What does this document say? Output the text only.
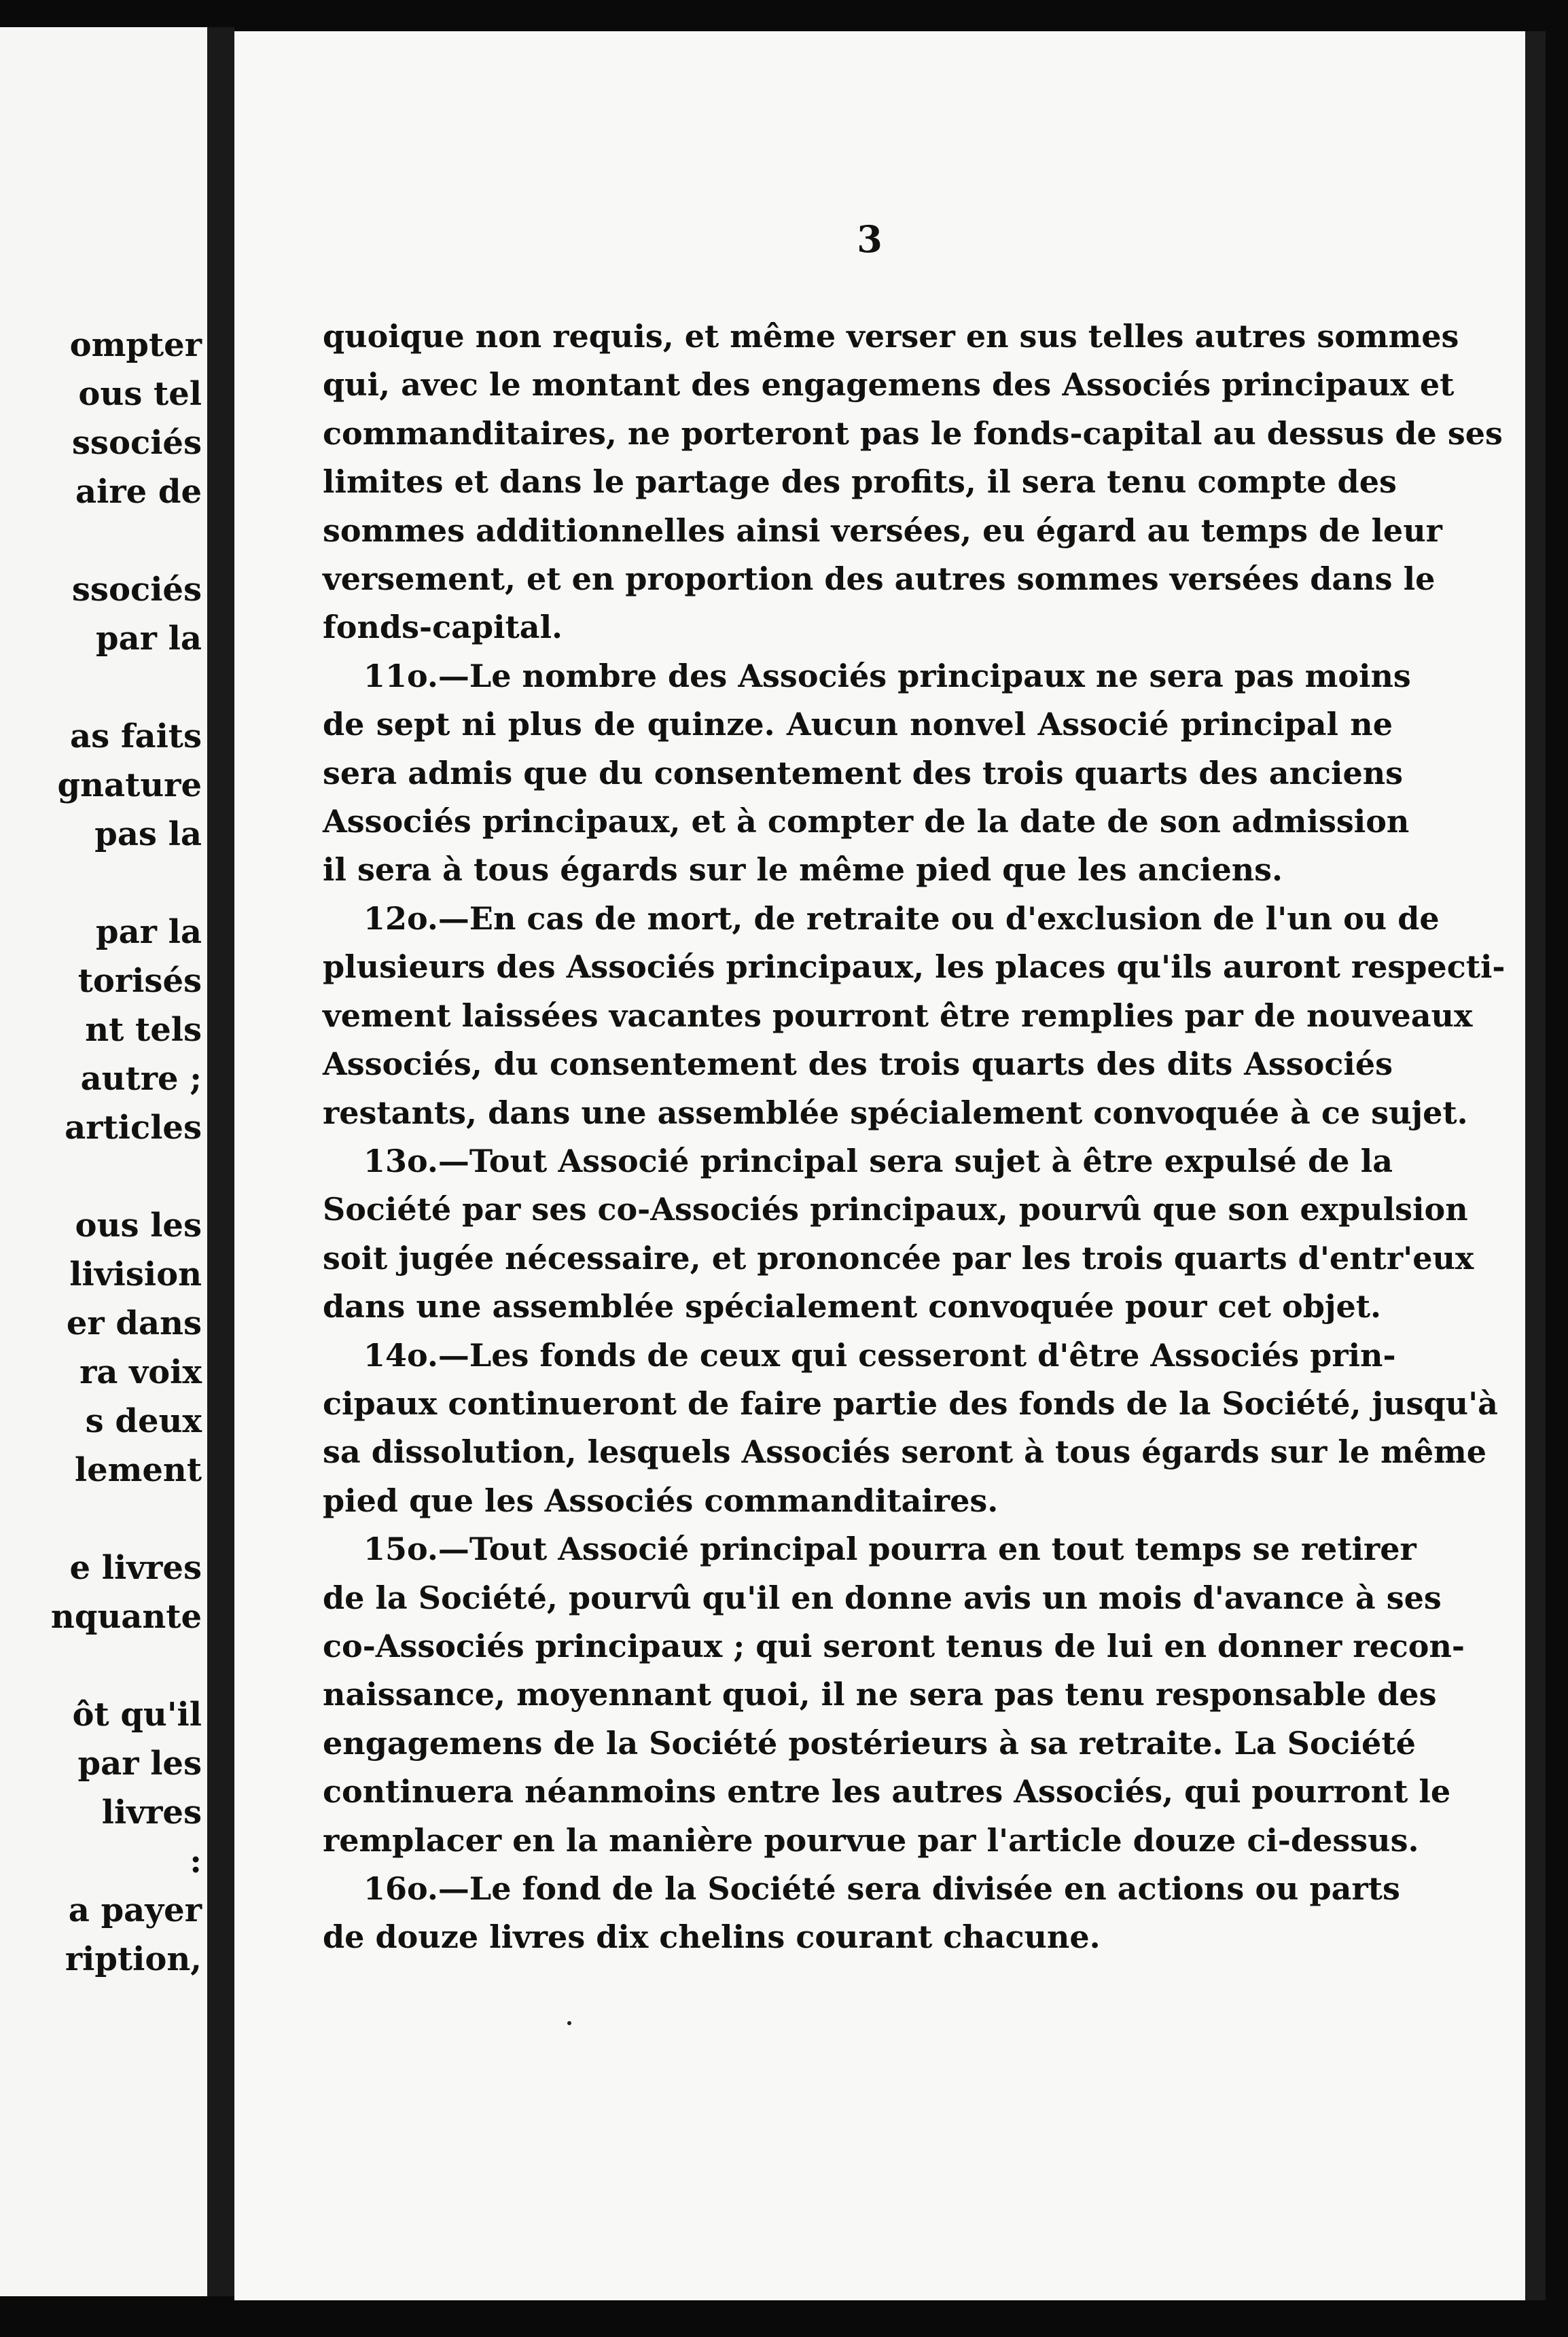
ompter
ous tel
ssociés
aire de
ssociés
par la
as faits
gnature
pas la
par la
torisés
nt tels
autre ;
articles
ous les
livision
er dans
ra voix
s deux
lement
e livres
nquante
ôt qu'il
par les
livres
:
a payer
ription,
3

quoique non requis, et même verser en sus telles autres sommes
qui, avec le montant des engagemens des Associés principaux et
commanditaires, ne porteront pas le fonds-capital au dessus de ses
limites et dans le partage des profits, il sera tenu compte des
sommes additionnelles ainsi versées, eu égard au temps de leur
versement, et en proportion des autres sommes versées dans le
fonds-capital.

11o.—Le nombre des Associés principaux ne sera pas moins
de sept ni plus de quinze. Aucun nonvel Associé principal ne
sera admis que du consentement des trois quarts des anciens
Associés principaux, et à compter de la date de son admission
il sera à tous égards sur le même pied que les anciens.

12o.—En cas de mort, de retraite ou d'exclusion de l'un ou de
plusieurs des Associés principaux, les places qu'ils auront respecti-
vement laissées vacantes pourront être remplies par de nouveaux
Associés, du consentement des trois quarts des dits Associés
restants, dans une assemblée spécialement convoquée à ce sujet.

13o.—Tout Associé principal sera sujet à être expulsé de la
Société par ses co-Associés principaux, pourvû que son expulsion
soit jugée nécessaire, et prononcée par les trois quarts d'entr'eux
dans une assemblée spécialement convoquée pour cet objet.

14o.—Les fonds de ceux qui cesseront d'être Associés prin-
cipaux continueront de faire partie des fonds de la Société, jusqu'à
sa dissolution, lesquels Associés seront à tous égards sur le même
pied que les Associés commanditaires.

15o.—Tout Associé principal pourra en tout temps se retirer
de la Société, pourvû qu'il en donne avis un mois d'avance à ses
co-Associés principaux ; qui seront tenus de lui en donner recon-
naissance, moyennant quoi, il ne sera pas tenu responsable des
engagemens de la Société postérieurs à sa retraite. La Société
continuera néanmoins entre les autres Associés, qui pourront le
remplacer en la manière pourvue par l'article douze ci-dessus.

16o.—Le fond de la Société sera divisée en actions ou parts
de douze livres dix chelins courant chacune.
